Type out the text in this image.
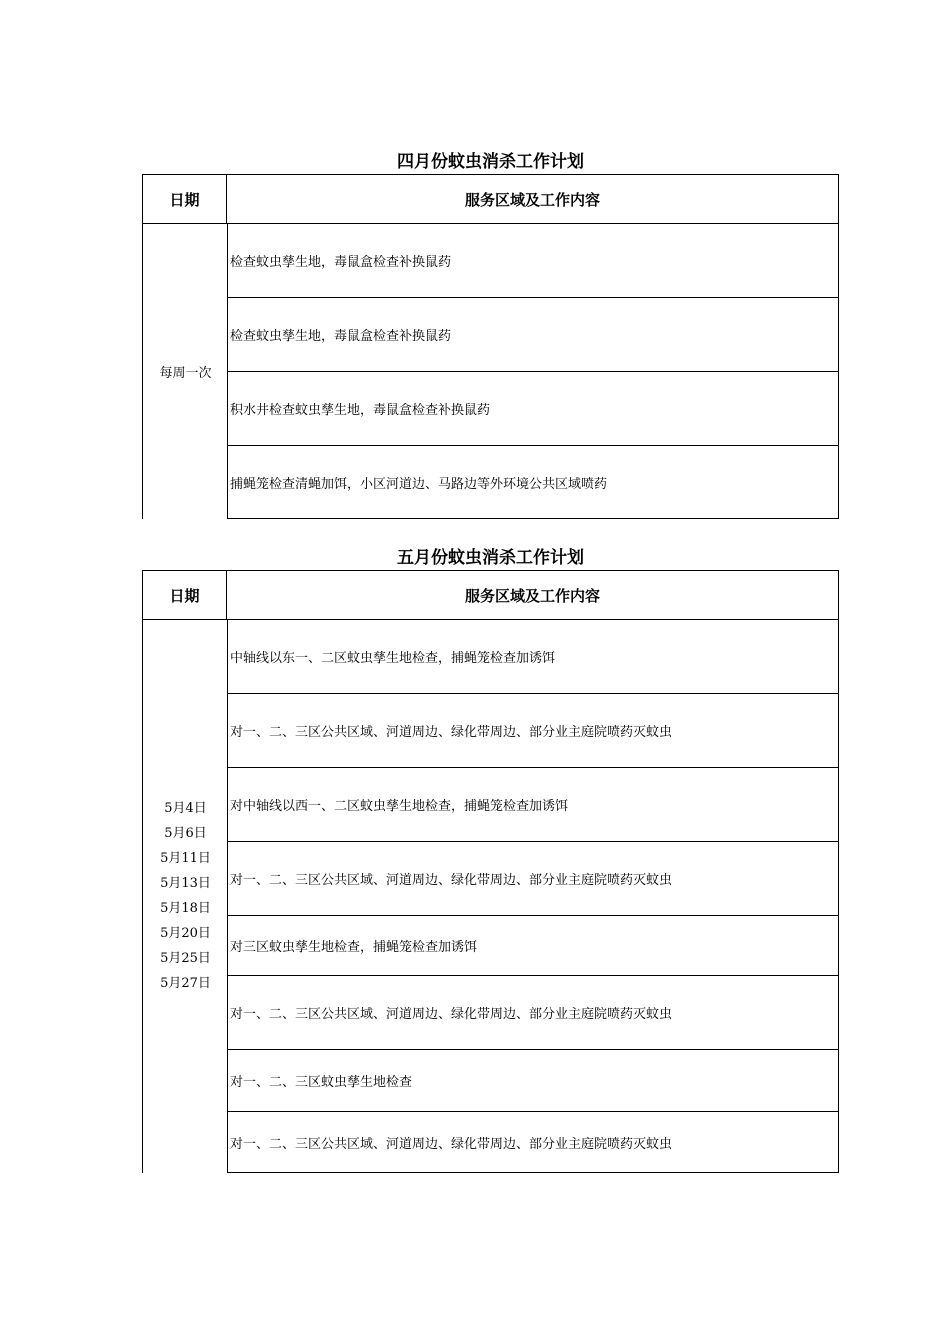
四月份蚊虫消杀工作计划
日期	服务区域及工作内容
每周一次
检查蚊虫孳生地，毒鼠盒检查补换鼠药
检查蚊虫孳生地，毒鼠盒检查补换鼠药
积水井检查蚊虫孳生地，毒鼠盒检查补换鼠药
捕蝇笼检查清蝇加饵，小区河道边、马路边等外环境公共区域喷药
五月份蚊虫消杀工作计划
日期	服务区域及工作内容
5月4日
5月6日
5月11日
5月13日
5月18日
5月20日
5月25日
5月27日
中轴线以东一、二区蚊虫孳生地检查，捕蝇笼检查加诱饵
对一、二、三区公共区域、河道周边、绿化带周边、部分业主庭院喷药灭蚊虫
对中轴线以西一、二区蚊虫孳生地检查，捕蝇笼检查加诱饵
对一、二、三区公共区域、河道周边、绿化带周边、部分业主庭院喷药灭蚊虫
对三区蚊虫孳生地检查，捕蝇笼检查加诱饵
对一、二、三区公共区域、河道周边、绿化带周边、部分业主庭院喷药灭蚊虫
对一、二、三区蚊虫孳生地检查
对一、二、三区公共区域、河道周边、绿化带周边、部分业主庭院喷药灭蚊虫
